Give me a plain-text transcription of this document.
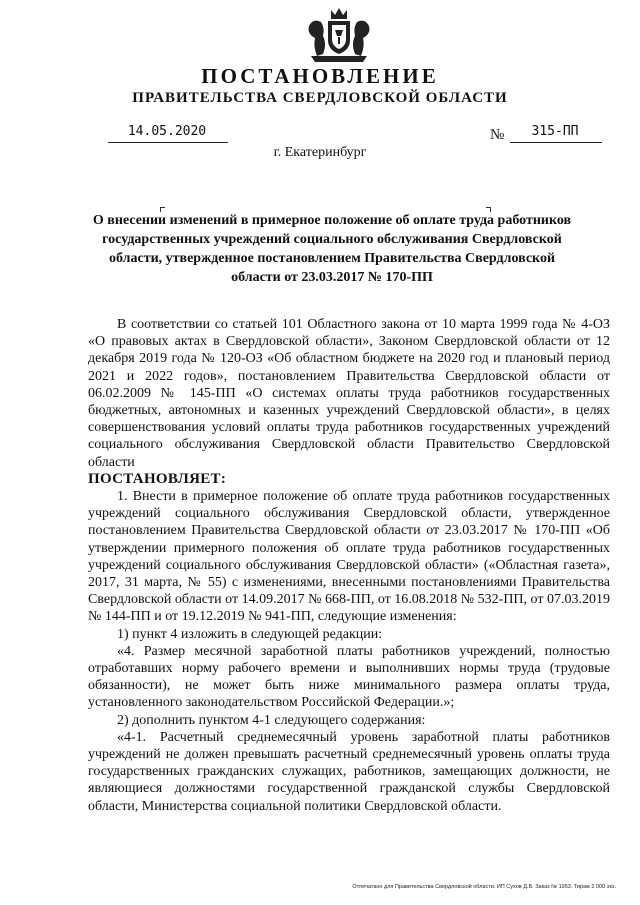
ПОСТАНОВЛЕНИЕ
ПРАВИТЕЛЬСТВА СВЕРДЛОВСКОЙ ОБЛАСТИ
14.05.2020	№	315-ПП
г. Екатеринбург
О внесении изменений в примерное положение об оплате труда работников государственных учреждений социального обслуживания Свердловской области, утвержденное постановлением Правительства Свердловской области от 23.03.2017 № 170-ПП

В соответствии со статьей 101 Областного закона от 10 марта 1999 года № 4-ОЗ «О правовых актах в Свердловской области», Законом Свердловской области от 12 декабря 2019 года № 120-ОЗ «Об областном бюджете на 2020 год и плановый период 2021 и 2022 годов», постановлением Правительства Свердловской области от 06.02.2009 № 145-ПП «О системах оплаты труда работников государственных бюджетных, автономных и казенных учреждений Свердловской области», в целях совершенствования условий оплаты труда работников государственных учреждений социального обслуживания Свердловской области Правительство Свердловской области

ПОСТАНОВЛЯЕТ:

1. Внести в примерное положение об оплате труда работников государственных учреждений социального обслуживания Свердловской области, утвержденное постановлением Правительства Свердловской области от 23.03.2017 № 170-ПП «Об утверждении примерного положения об оплате труда работников государственных учреждений социального обслуживания Свердловской области» («Областная газета», 2017, 31 марта, № 55) с изменениями, внесенными постановлениями Правительства Свердловской области от 14.09.2017 № 668-ПП, от 16.08.2018 № 532-ПП, от 07.03.2019 № 144-ПП и от 19.12.2019 № 941-ПП, следующие изменения:

1) пункт 4 изложить в следующей редакции:

«4. Размер месячной заработной платы работников учреждений, полностью отработавших норму рабочего времени и выполнивших нормы труда (трудовые обязанности), не может быть ниже минимального размера оплаты труда, установленного законодательством Российской Федерации.»;

2) дополнить пунктом 4-1 следующего содержания:

«4-1. Расчетный среднемесячный уровень заработной платы работников учреждений не должен превышать расчетный среднемесячный уровень оплаты труда государственных гражданских служащих, работников, замещающих должности, не являющиеся должностями государственной гражданской службы Свердловской области, Министерства социальной политики Свердловской области.

Отпечатано для Правительства Свердловской области. ИП Сухов Д.В. Заказ № 1953. Тираж 2 000 экз.
